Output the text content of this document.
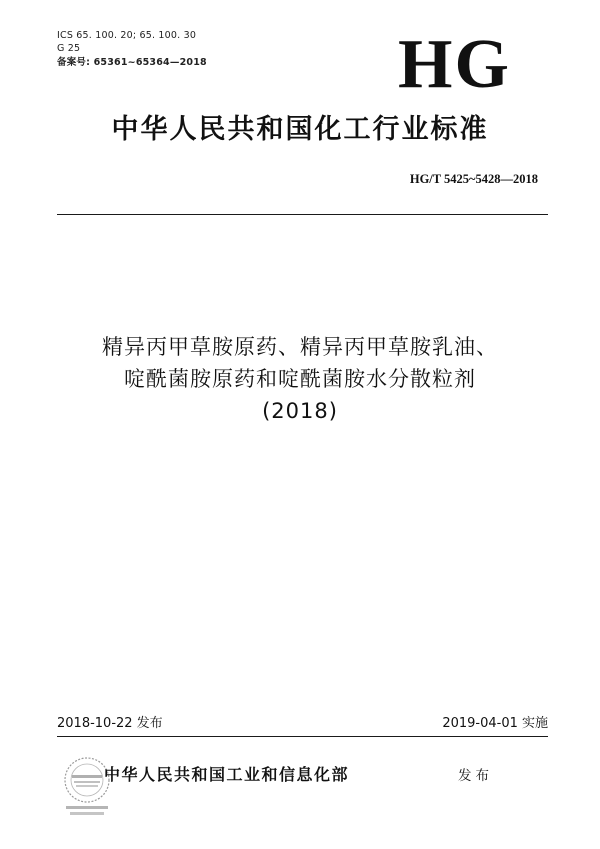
ICS 65. 100. 20; 65. 100. 30
G 25
备案号: 65361~65364—2018	HG
中华人民共和国化工行业标准
HG/T 5425~5428—2018
精异丙甲草胺原药、精异丙甲草胺乳油、
啶酰菌胺原药和啶酰菌胺水分散粒剂
(2018)
2018-10-22 发布	2019-04-01 实施
中华人民共和国工业和信息化部	发布
